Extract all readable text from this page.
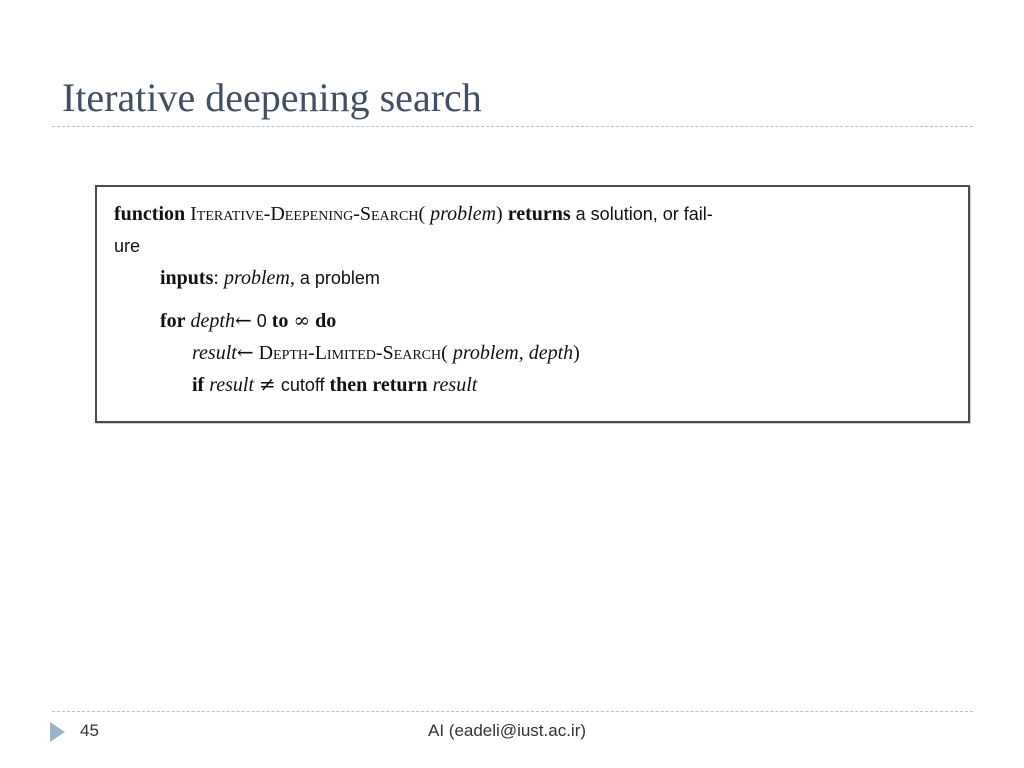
Iterative deepening search
function Iterative-Deepening-Search( problem) returns a solution, or fail-
ure
inputs: problem, a problem
for depth← 0 to ∞ do
result← Depth-Limited-Search( problem, depth)
if result ≠ cutoff then return result
45	AI (eadeli@iust.ac.ir)
